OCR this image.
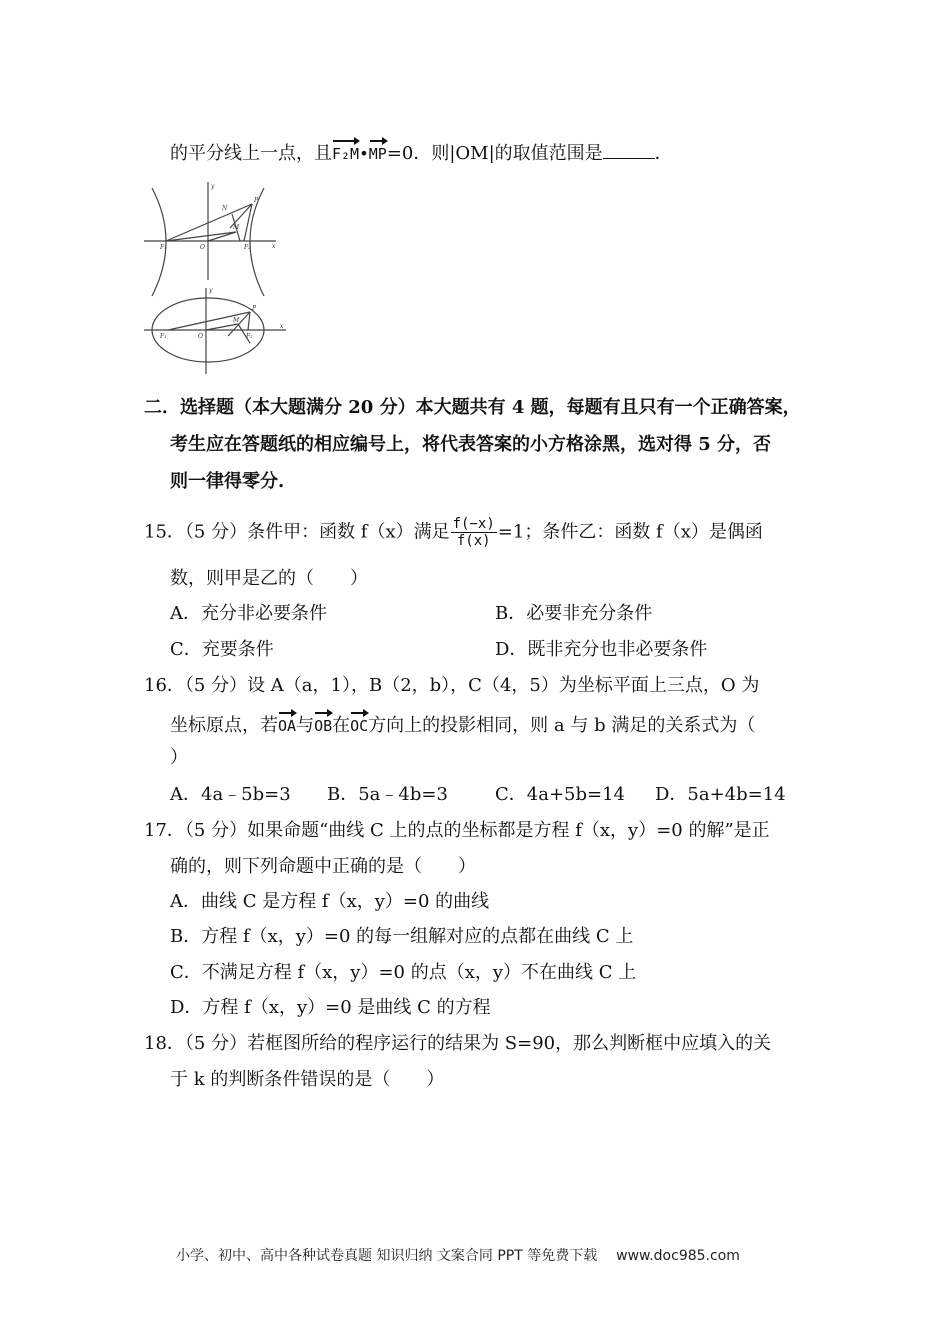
的平分线上一点，且F₂M•MP=0．则|OM|的取值范围是	．
y
N
P
M
F₁	O	F₂	x
y
P
M
F₁	O	F₂
x
二．选择题（本大题满分 20 分）本大题共有 4 题，每题有且只有一个正确答案，
考生应在答题纸的相应编号上，将代表答案的小方格涂黑，选对得 5 分，否
则一律得零分.
15．（5 分）条件甲：函数 f（x）满足 $\frac{f(-x)}{f(x)} =1$；条件乙：函数 f（x）是偶函
数，则甲是乙的（　　）
A．充分非必要条件	B．必要非充分条件
C．充要条件	D．既非充分也非必要条件
16．（5 分）设 A（a，1），B（2，b），C（4，5）为坐标平面上三点，O 为
坐标原点，若OA与OB在OC方向上的投影相同，则 a 与 b 满足的关系式为（
）
A．4a﹣5b=3 B．5a﹣4b=3	C．4a+5b=14 D．5a+4b=14
17．（5 分）如果命题“曲线 C 上的点的坐标都是方程 f（x，y）=0 的解”是正
确的，则下列命题中正确的是（　　）
A．曲线 C 是方程 f（x，y）=0 的曲线
B．方程 f（x，y）=0 的每一组解对应的点都在曲线 C 上
C．不满足方程 f（x，y）=0 的点（x，y）不在曲线 C 上
D．方程 f（x，y）=0 是曲线 C 的方程
18．（5 分）若框图所给的程序运行的结果为 S=90，那么判断框中应填入的关
于 k 的判断条件错误的是（　　）
小学、初中、高中各种试卷真题 知识归纳 文案合同 PPT 等免费下载 www.doc985.com
